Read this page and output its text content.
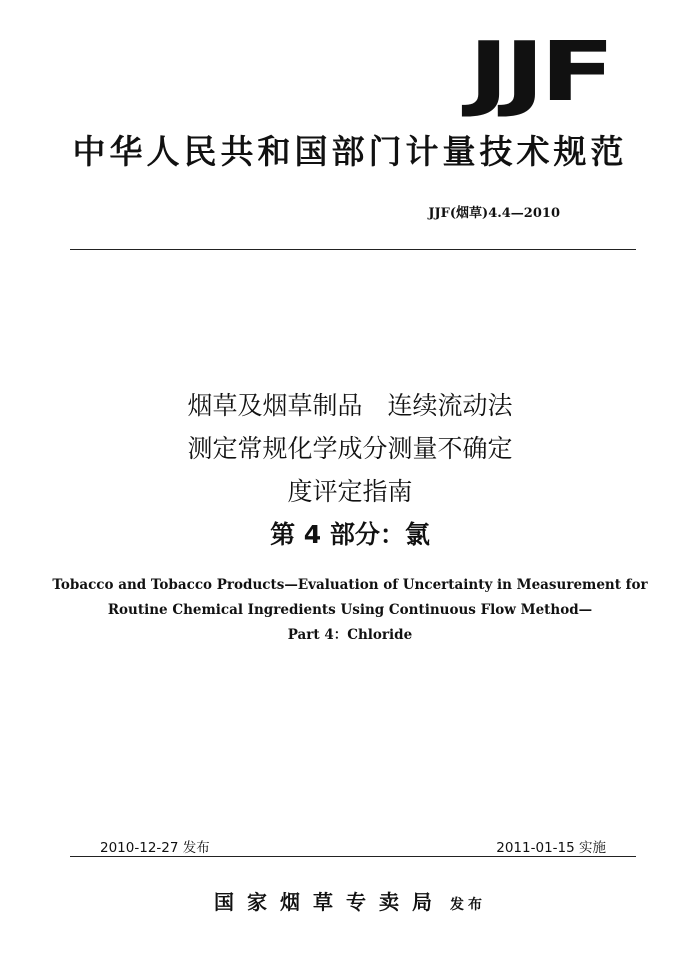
JJF
中华人民共和国部门计量技术规范
JJF(烟草)4.4—2010
烟草及烟草制品　连续流动法
测定常规化学成分测量不确定
度评定指南
第 4 部分：氯
Tobacco and Tobacco Products—Evaluation of Uncertainty in Measurement for
Routine Chemical Ingredients Using Continuous Flow Method—
Part 4：Chloride
2010-12-27 发布	2011-01-15 实施
国家烟草专卖局 发布
